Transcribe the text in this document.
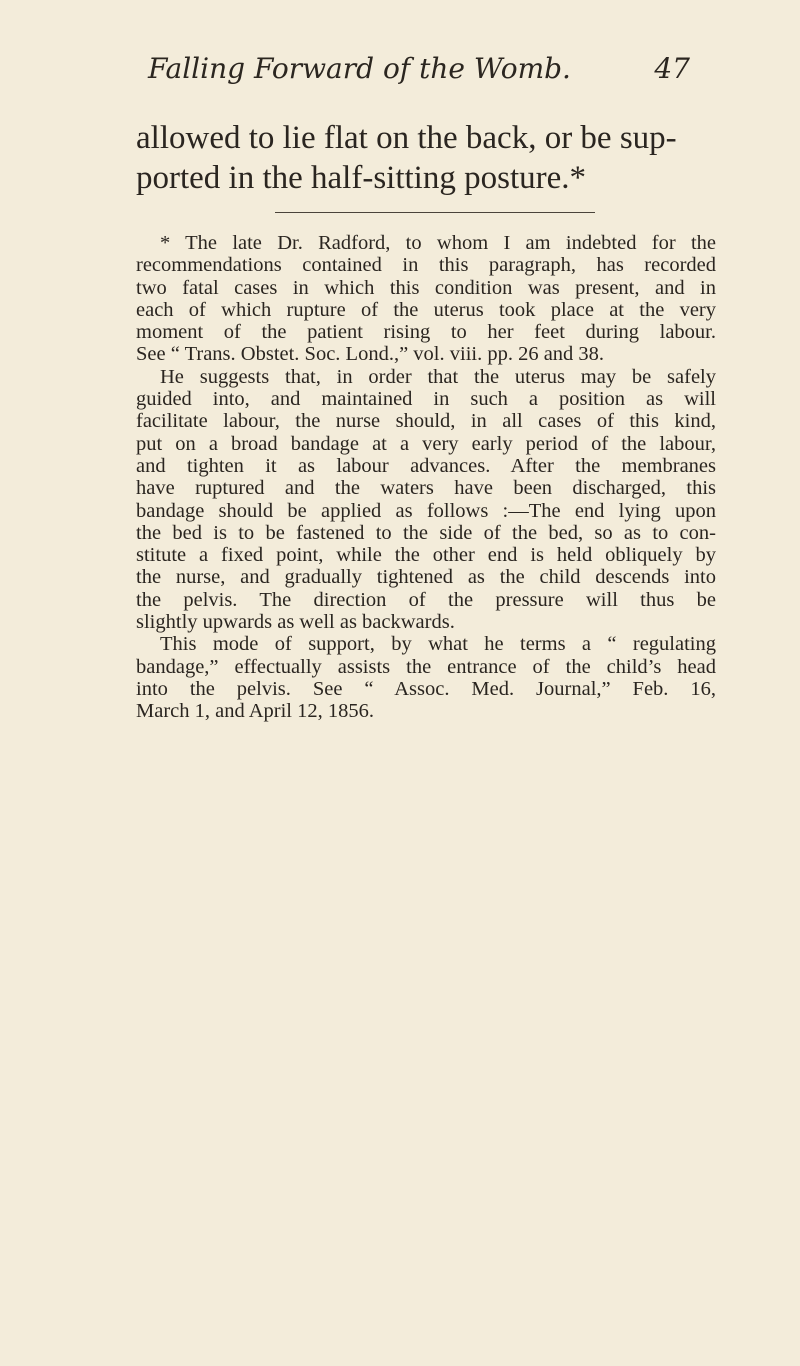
Falling Forward of the Womb.	47
allowed to lie flat on the back, or be sup-
ported in the half-sitting posture.*
* The late Dr. Radford, to whom I am indebted for the
recommendations contained in this paragraph, has recorded
two fatal cases in which this condition was present, and in
each of which rupture of the uterus took place at the very
moment of the patient rising to her feet during labour.
See “ Trans. Obstet. Soc. Lond.,” vol. viii. pp. 26 and 38.
He suggests that, in order that the uterus may be safely
guided into, and maintained in such a position as will
facilitate labour, the nurse should, in all cases of this kind,
put on a broad bandage at a very early period of the labour,
and tighten it as labour advances. After the membranes
have ruptured and the waters have been discharged, this
bandage should be applied as follows :—The end lying upon
the bed is to be fastened to the side of the bed, so as to con-
stitute a fixed point, while the other end is held obliquely by
the nurse, and gradually tightened as the child descends into
the pelvis. The direction of the pressure will thus be
slightly upwards as well as backwards.
This mode of support, by what he terms a “ regulating
bandage,” effectually assists the entrance of the child’s head
into the pelvis. See “ Assoc. Med. Journal,” Feb. 16,
March 1, and April 12, 1856.
